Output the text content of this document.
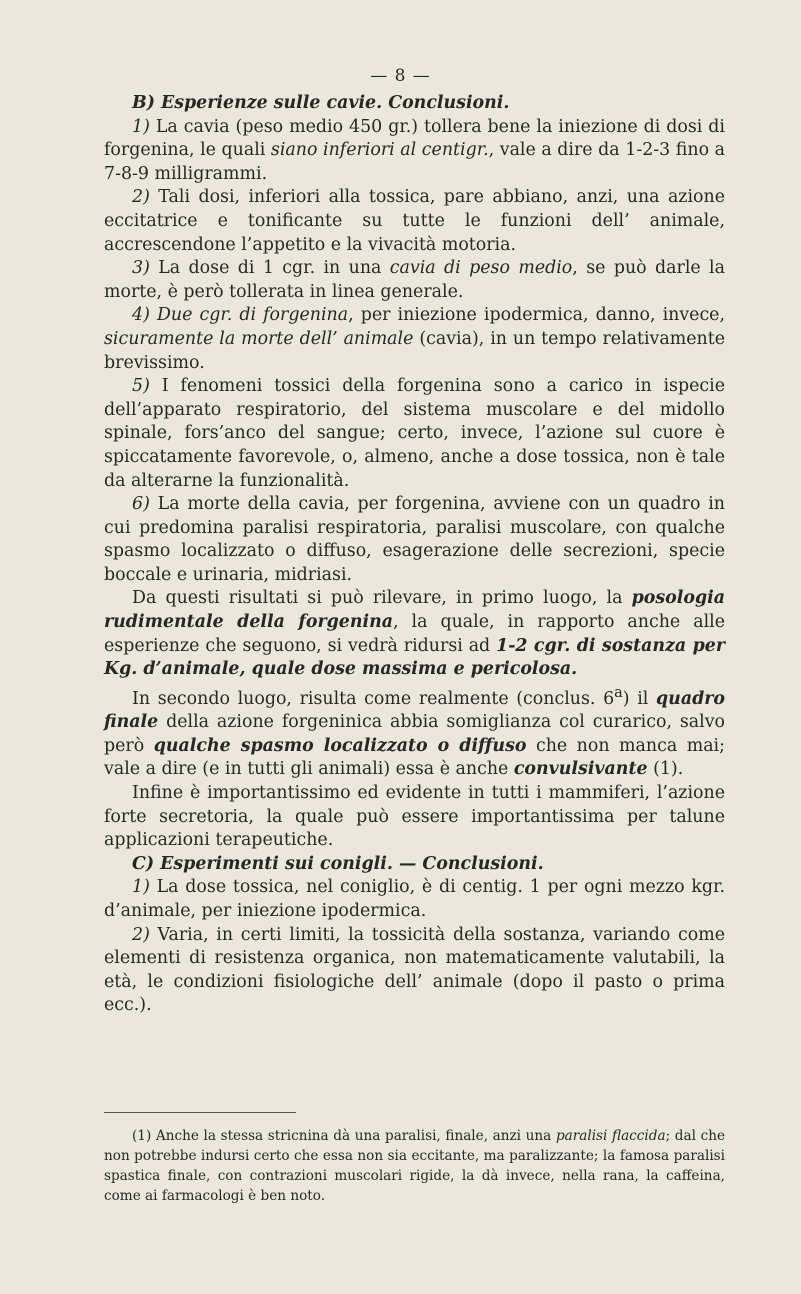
— 8 —

B) Esperienze sulle cavie. Conclusioni.

1) La cavia (peso medio 450 gr.) tollera bene la iniezione di dosi di forgenina, le quali siano inferiori al centigr., vale a dire da 1-2-3 fino a 7-8-9 milligrammi.

2) Tali dosi, inferiori alla tossica, pare abbiano, anzi, una azione eccitatrice e tonificante su tutte le funzioni dell’ animale, accrescendone l’appetito e la vivacità motoria.

3) La dose di 1 cgr. in una cavia di peso medio, se può darle la morte, è però tollerata in linea generale.

4) Due cgr. di forgenina, per iniezione ipodermica, danno, invece, sicuramente la morte dell’ animale (cavia), in un tempo relativamente brevissimo.

5) I fenomeni tossici della forgenina sono a carico in ispecie dell’apparato respiratorio, del sistema muscolare e del midollo spinale, fors’anco del sangue; certo, invece, l’azione sul cuore è spiccatamente favorevole, o, almeno, anche a dose tossica, non è tale da alterarne la funzionalità.

6) La morte della cavia, per forgenina, avviene con un quadro in cui predomina paralisi respiratoria, paralisi muscolare, con qualche spasmo localizzato o diffuso, esagerazione delle secrezioni, specie boccale e urinaria, midriasi.

Da questi risultati si può rilevare, in primo luogo, la posologia rudimentale della forgenina, la quale, in rapporto anche alle esperienze che seguono, si vedrà ridursi ad 1-2 cgr. di sostanza per Kg. d’animale, quale dose massima e pericolosa.

In secondo luogo, risulta come realmente (conclus. 6$^a$) il quadro finale della azione forgeninica abbia somiglianza col curarico, salvo però qualche spasmo localizzato o diffuso che non manca mai; vale a dire (e in tutti gli animali) essa è anche convulsivante (1).

Infine è importantissimo ed evidente in tutti i mammiferi, l’azione forte secretoria, la quale può essere importantissima per talune applicazioni terapeutiche.

C) Esperimenti sui conigli. — Conclusioni.

1) La dose tossica, nel coniglio, è di centig. 1 per ogni mezzo kgr. d’animale, per iniezione ipodermica.

2) Varia, in certi limiti, la tossicità della sostanza, variando come elementi di resistenza organica, non matematicamente valutabili, la età, le condizioni fisiologiche dell’ animale (dopo il pasto o prima ecc.).

(1) Anche la stessa stricnina dà una paralisi, finale, anzi una paralisi flaccida; dal che non potrebbe indursi certo che essa non sia eccitante, ma paralizzante; la famosa paralisi spastica finale, con contrazioni muscolari rigide, la dà invece, nella rana, la caffeina, come ai farmacologi è ben noto.
